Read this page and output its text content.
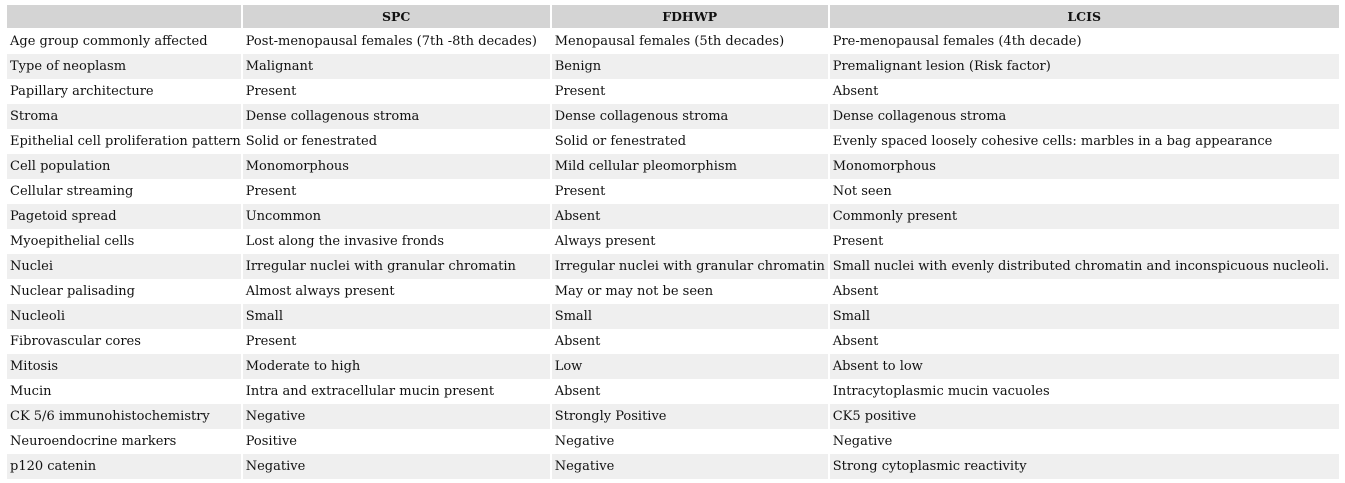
	SPC	FDHWP	LCIS
Age group commonly affected	Post-menopausal females (7th -8th decades)	Menopausal females (5th decades)	Pre-menopausal females (4th decade)
Type of neoplasm	Malignant	Benign	Premalignant lesion (Risk factor)
Papillary architecture	Present	Present	Absent
Stroma	Dense collagenous stroma	Dense collagenous stroma	Dense collagenous stroma
Epithelial cell proliferation pattern	Solid or fenestrated	Solid or fenestrated	Evenly spaced loosely cohesive cells: marbles in a bag appearance
Cell population	Monomorphous	Mild cellular pleomorphism	Monomorphous
Cellular streaming	Present	Present	Not seen
Pagetoid spread	Uncommon	Absent	Commonly present
Myoepithelial cells	Lost along the invasive fronds	Always present	Present
Nuclei	Irregular nuclei with granular chromatin	Irregular nuclei with granular chromatin	Small nuclei with evenly distributed chromatin and inconspicuous nucleoli.
Nuclear palisading	Almost always present	May or may not be seen	Absent
Nucleoli	Small	Small	Small
Fibrovascular cores	Present	Absent	Absent
Mitosis	Moderate to high	Low	Absent to low
Mucin	Intra and extracellular mucin present	Absent	Intracytoplasmic mucin vacuoles
CK 5/6 immunohistochemistry	Negative	Strongly Positive	CK5 positive
Neuroendocrine markers	Positive	Negative	Negative
p120 catenin	Negative	Negative	Strong cytoplasmic reactivity
